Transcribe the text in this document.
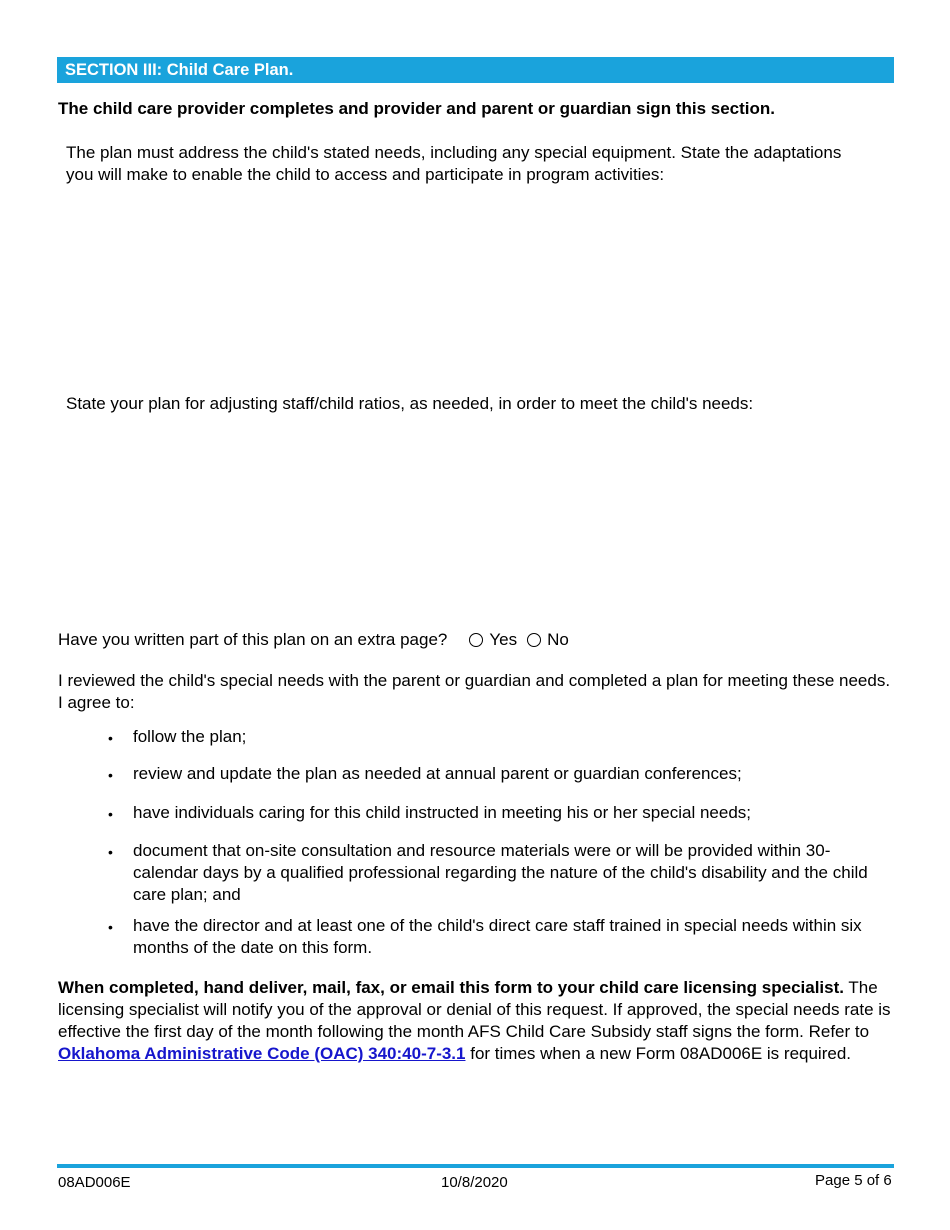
SECTION III: Child Care Plan.
The child care provider completes and provider and parent or guardian sign this section.
The plan must address the child's stated needs, including any special equipment. State the adaptations you will make to enable the child to access and participate in program activities:
State your plan for adjusting staff/child ratios, as needed, in order to meet the child's needs:
Have you written part of this plan on an extra page? Yes No
I reviewed the child's special needs with the parent or guardian and completed a plan for meeting these needs. I agree to:
• follow the plan;
• review and update the plan as needed at annual parent or guardian conferences;
• have individuals caring for this child instructed in meeting his or her special needs;
• document that on-site consultation and resource materials were or will be provided within 30-calendar days by a qualified professional regarding the nature of the child's disability and the child care plan; and
• have the director and at least one of the child's direct care staff trained in special needs within six months of the date on this form.
When completed, hand deliver, mail, fax, or email this form to your child care licensing specialist. The licensing specialist will notify you of the approval or denial of this request. If approved, the special needs rate is effective the first day of the month following the month AFS Child Care Subsidy staff signs the form. Refer to Oklahoma Administrative Code (OAC) 340:40-7-3.1 for times when a new Form 08AD006E is required.
08AD006E	10/8/2020	Page 5 of 6
